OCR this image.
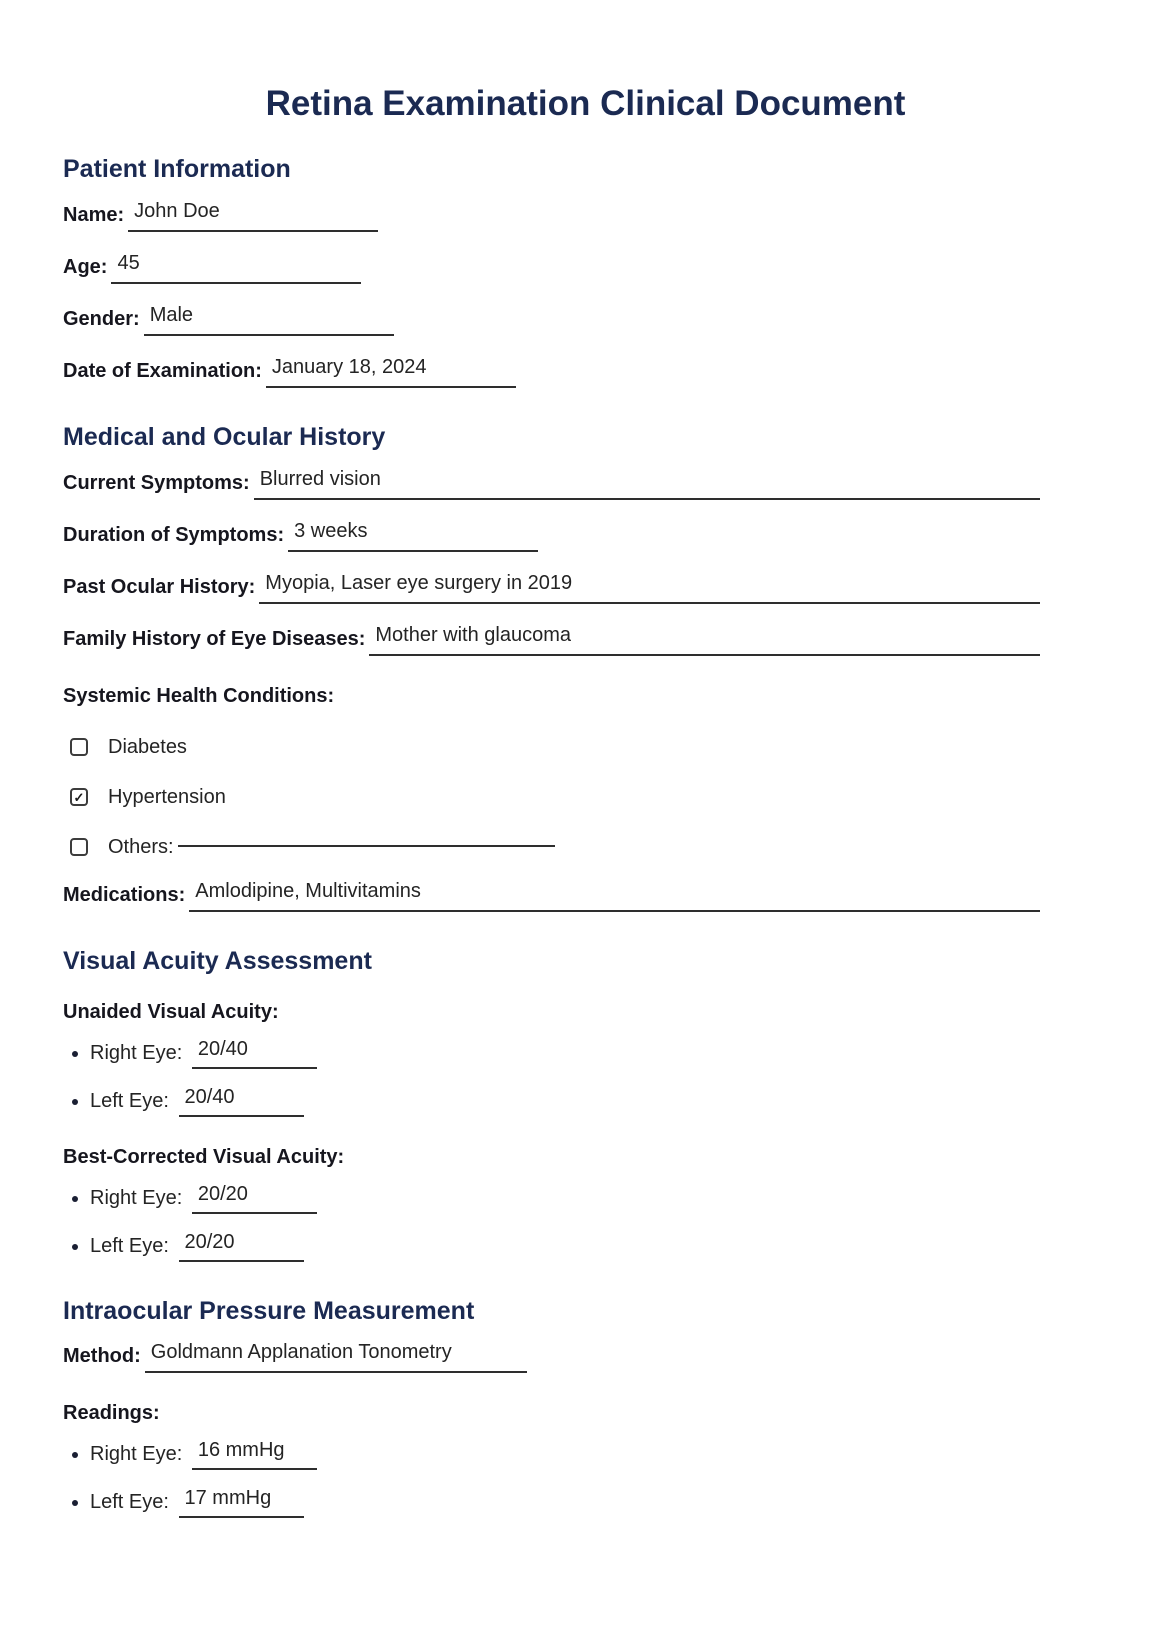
Retina Examination Clinical Document
Patient Information
Name: John Doe
Age: 45
Gender: Male
Date of Examination: January 18, 2024
Medical and Ocular History
Current Symptoms: Blurred vision
Duration of Symptoms: 3 weeks
Past Ocular History: Myopia, Laser eye surgery in 2019
Family History of Eye Diseases: Mother with glaucoma
Systemic Health Conditions:
Diabetes
✓ Hypertension
Others:
Medications: Amlodipine, Multivitamins
Visual Acuity Assessment
Unaided Visual Acuity:
• Right Eye: 20/40
• Left Eye: 20/40
Best-Corrected Visual Acuity:
• Right Eye: 20/20
• Left Eye: 20/20
Intraocular Pressure Measurement
Method: Goldmann Applanation Tonometry
Readings:
• Right Eye: 16 mmHg
• Left Eye: 17 mmHg
